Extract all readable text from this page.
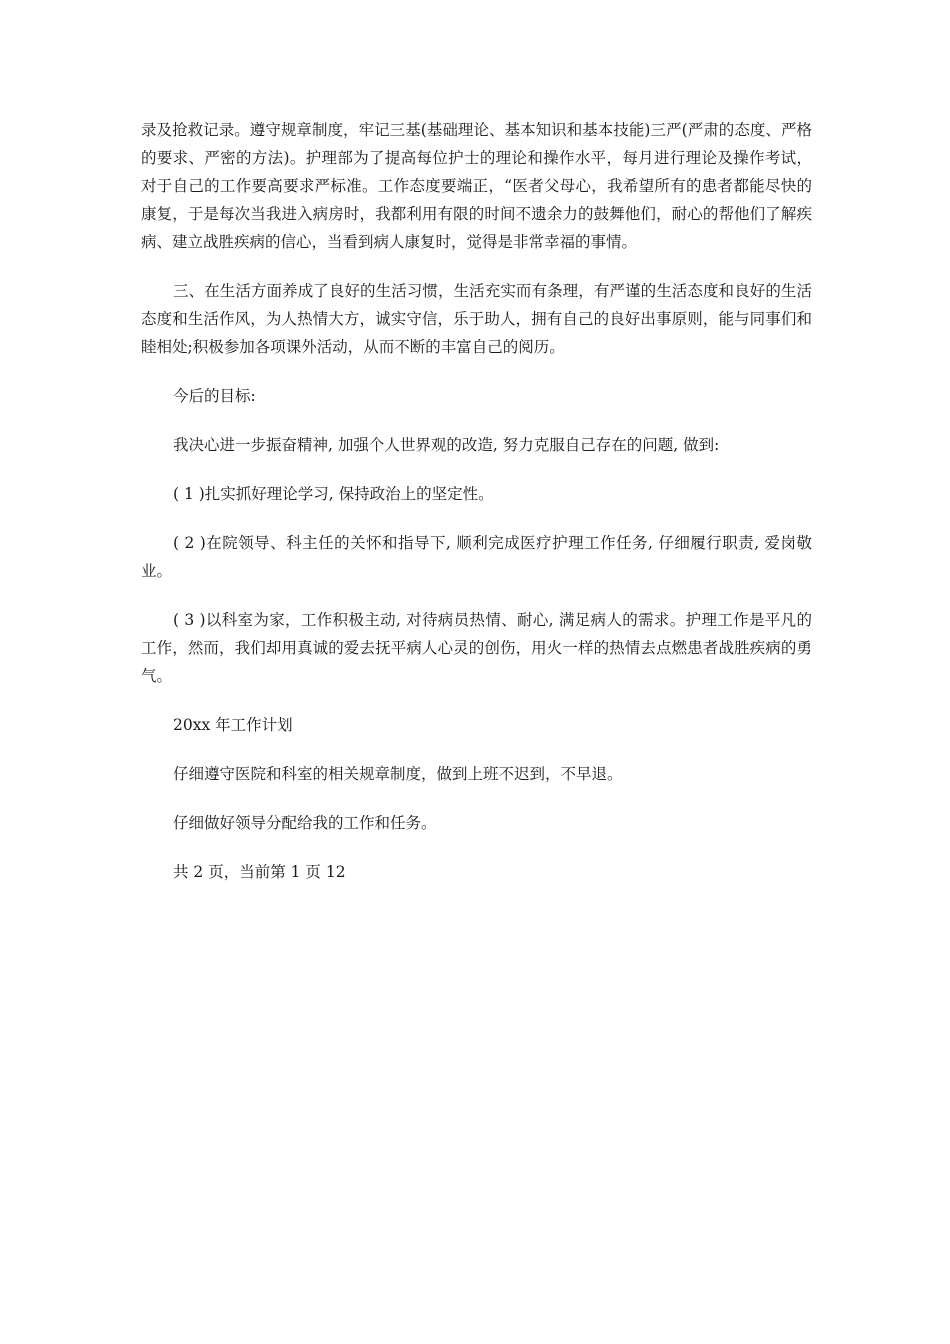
录及抢救记录。遵守规章制度，牢记三基(基础理论、基本知识和基本技能)三严(严肃的态度、严格的要求、严密的方法)。护理部为了提高每位护士的理论和操作水平，每月进行理论及操作考试，对于自己的工作要高要求严标准。工作态度要端正，“医者父母心，我希望所有的患者都能尽快的康复，于是每次当我进入病房时，我都利用有限的时间不遗余力的鼓舞他们，耐心的帮他们了解疾病、建立战胜疾病的信心，当看到病人康复时，觉得是非常幸福的事情。

三、在生活方面养成了良好的生活习惯，生活充实而有条理，有严谨的生活态度和良好的生活态度和生活作风，为人热情大方，诚实守信，乐于助人，拥有自己的良好出事原则，能与同事们和睦相处;积极参加各项课外活动，从而不断的丰富自己的阅历。

今后的目标:

我决心进一步振奋精神, 加强个人世界观的改造, 努力克服自己存在的问题, 做到:

( 1 )扎实抓好理论学习, 保持政治上的坚定性。

( 2 )在院领导、科主任的关怀和指导下, 顺利完成医疗护理工作任务, 仔细履行职责, 爱岗敬业。

( 3 )以科室为家，工作积极主动, 对待病员热情、耐心, 满足病人的需求。护理工作是平凡的工作，然而，我们却用真诚的爱去抚平病人心灵的创伤，用火一样的热情去点燃患者战胜疾病的勇气。

20xx 年工作计划

仔细遵守医院和科室的相关规章制度，做到上班不迟到，不早退。

仔细做好领导分配给我的工作和任务。

共 2 页，当前第 1 页 12
